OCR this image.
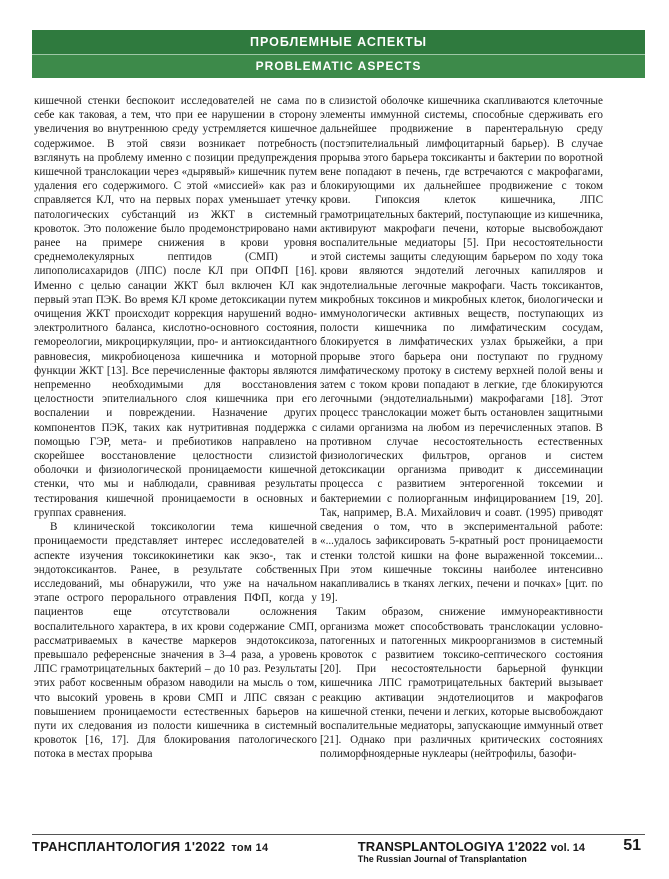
ПРОБЛЕМНЫЕ АСПЕКТЫ
PROBLEMATIC ASPECTS

кишечной стенки беспокоит исследователей не сама по себе как таковая, а тем, что при ее нарушении в сторону увеличения во внутреннюю среду устремляется кишечное содержимое. В этой связи возникает потребность взглянуть на проблему именно с позиции предупреждения кишечной транслокации через «дырявый» кишечник путем удаления его содержимого. С этой «миссией» как раз и справляется КЛ, что на первых порах уменьшает утечку патологических субстанций из ЖКТ в системный кровоток. Это положение было продемонстрировано нами ранее на примере снижения в крови уровня среднемолекулярных пептидов (СМП) и липополисахаридов (ЛПС) после КЛ при ОПФП [16]. Именно с целью санации ЖКТ был включен КЛ как первый этап ПЭК. Во время КЛ кроме детоксикации путем очищения ЖКТ происходит коррекция нарушений водно-электролитного баланса, кислотно-основного состояния, гемореологии, микроциркуляции, про- и антиоксидантного равновесия, микробиоценоза кишечника и моторной функции ЖКТ [13]. Все перечисленные факторы являются непременно необходимыми для восстановления целостности эпителиального слоя кишечника при его воспалении и повреждении. Назначение других компонентов ПЭК, таких как нутритивная поддержка с помощью ГЭР, мета- и пребиотиков направлено на скорейшее восстановление целостности слизистой оболочки и физиологической проницаемости кишечной стенки, что мы и наблюдали, сравнивая результаты тестирования кишечной проницаемости в основных и группах сравнения.

В клинической токсикологии тема кишечной проницаемости представляет интерес исследователей в аспекте изучения токсикокинетики как экзо-, так и эндотоксикантов. Ранее, в результате собственных исследований, мы обнаружили, что уже на начальном этапе острого перорального отравления ПФП, когда у пациентов еще отсутствовали осложнения воспалительного характера, в их крови содержание СМП, рассматриваемых в качестве маркеров эндотоксикоза, превышало референсные значения в 3–4 раза, а уровень ЛПС грамотрицательных бактерий – до 10 раз. Результаты этих работ косвенным образом наводили на мысль о том, что высокий уровень в крови СМП и ЛПС связан с повышением проницаемости естественных барьеров на пути их следования из полости кишечника в системный кровоток [16, 17]. Для блокирования патологического потока в местах прорыва

в слизистой оболочке кишечника скапливаются клеточные элементы иммунной системы, способные сдерживать его дальнейшее продвижение в парентеральную среду (постэпителиальный лимфоцитарный барьер). В случае прорыва этого барьера токсиканты и бактерии по воротной вене попадают в печень, где встречаются с макрофагами, блокирующими их дальнейшее продвижение с током крови. Гипоксия клеток кишечника, ЛПС грамотрицательных бактерий, поступающие из кишечника, активируют макрофаги печени, которые высвобождают воспалительные медиаторы [5]. При несостоятельности этой системы защиты следующим барьером по ходу тока крови являются эндотелий легочных капилляров и эндотелиальные легочные макрофаги. Часть токсикантов, микробных токсинов и микробных клеток, биологически и иммунологически активных веществ, поступающих из полости кишечника по лимфатическим сосудам, блокируется в лимфатических узлах брыжейки, а при прорыве этого барьера они поступают по грудному лимфатическому протоку в систему верхней полой вены и затем с током крови попадают в легкие, где блокируются легочными (эндотелиальными) макрофагами [18]. Этот процесс транслокации может быть остановлен защитными силами организма на любом из перечисленных этапов. В противном случае несостоятельность естественных физиологических фильтров, органов и систем детоксикации организма приводит к диссеминации процесса с развитием энтерогенной токсемии и бактериемии с полиорганным инфицированием [19, 20]. Так, например, В.А. Михайлович и соавт. (1995) приводят сведения о том, что в экспериментальной работе: «...удалось зафиксировать 5-кратный рост проницаемости стенки толстой кишки на фоне выраженной токсемии... При этом кишечные токсины наиболее интенсивно накапливались в тканях легких, печени и почках» [цит. по 19].

Таким образом, снижение иммунореактивности организма может способствовать транслокации условно-патогенных и патогенных микроорганизмов в системный кровоток с развитием токсико-септического состояния [20]. При несостоятельности барьерной функции кишечника ЛПС грамотрицательных бактерий вызывает реакцию активации эндотелиоцитов и макрофагов кишечной стенки, печени и легких, которые высвобождают воспалительные медиаторы, запускающие иммунный ответ [21]. Однако при различных критических состояниях полиморфноядерные нуклеары (нейтрофилы, базофи-

ТРАНСПЛАНТОЛОГИЯ 1'2022 том 14	TRANSPLANTOLOGIYA 1'2022 vol. 14
The Russian Journal of Transplantation
51
